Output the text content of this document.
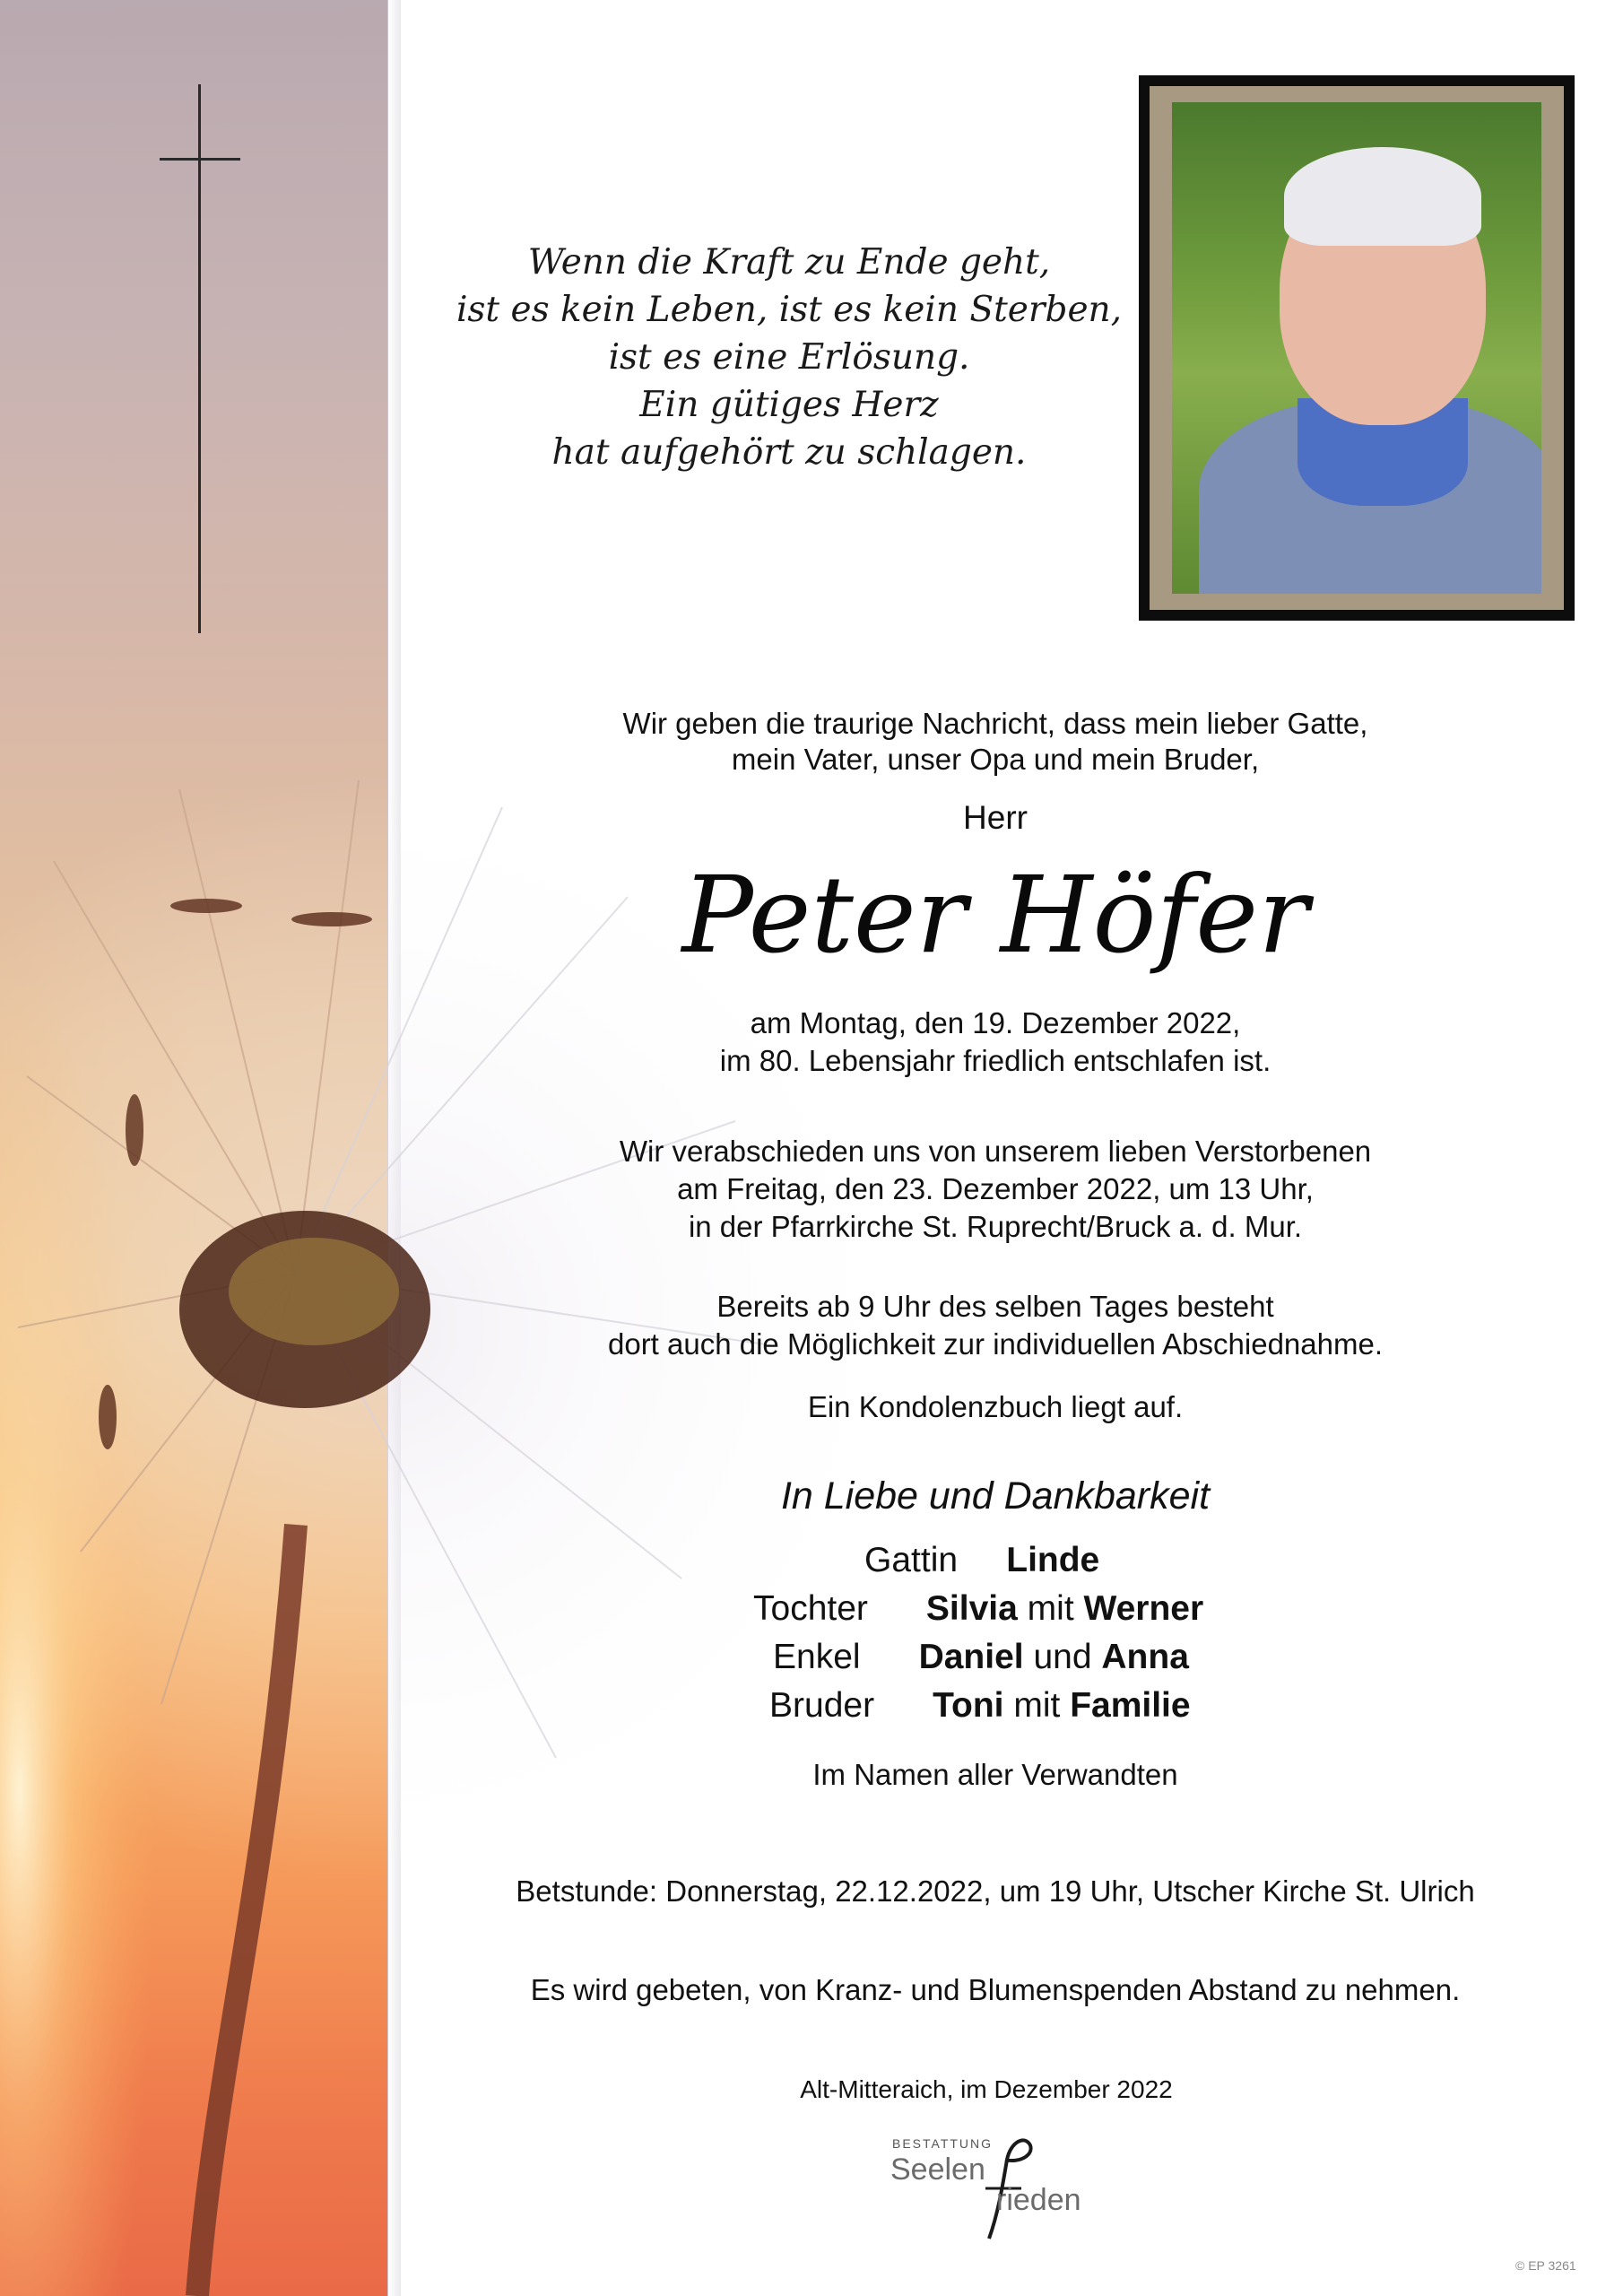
Wenn die Kraft zu Ende geht,
ist es kein Leben, ist es kein Sterben,
ist es eine Erlösung.
Ein gütiges Herz
hat aufgehört zu schlagen.
Wir geben die traurige Nachricht, dass mein lieber Gatte,
mein Vater, unser Opa und mein Bruder,
Herr
Peter Höfer
am Montag, den 19. Dezember 2022,
im 80. Lebensjahr friedlich entschlafen ist.
Wir verabschieden uns von unserem lieben Verstorbenen
am Freitag, den 23. Dezember 2022, um 13 Uhr,
in der Pfarrkirche St. Ruprecht/Bruck a. d. Mur.
Bereits ab 9 Uhr des selben Tages besteht
dort auch die Möglichkeit zur individuellen Abschiednahme.
Ein Kondolenzbuch liegt auf.
In Liebe und Dankbarkeit
Gattin Linde
Tochter Silvia mit Werner
Enkel Daniel und Anna
Bruder Toni mit Familie
Im Namen aller Verwandten
Betstunde: Donnerstag, 22.12.2022, um 19 Uhr, Utscher Kirche St. Ulrich
Es wird gebeten, von Kranz- und Blumenspenden Abstand zu nehmen.
Alt-Mitteraich, im Dezember 2022
BESTATTUNG
Seelen
rieden
© EP 3261
